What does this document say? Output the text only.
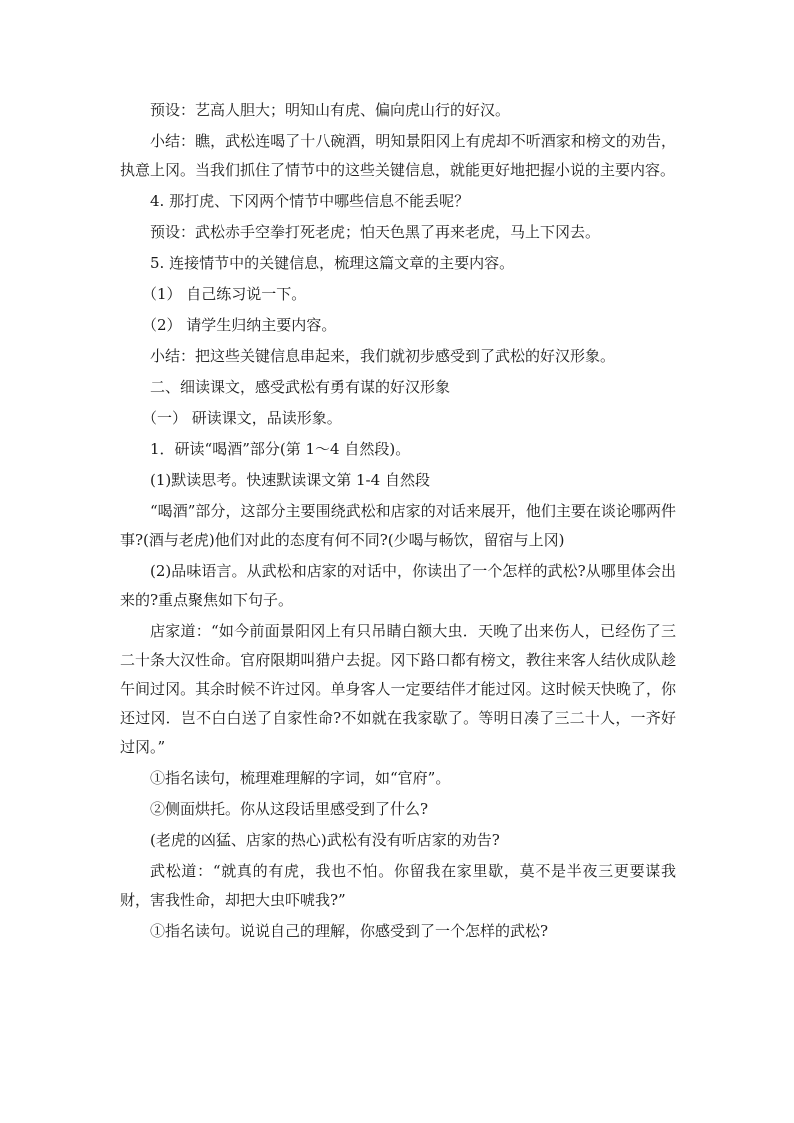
预设：艺高人胆大；明知山有虎、偏向虎山行的好汉。

小结：瞧，武松连喝了十八碗酒，明知景阳冈上有虎却不听酒家和榜文的劝告，执意上冈。当我们抓住了情节中的这些关键信息，就能更好地把握小说的主要内容。

4. 那打虎、下冈两个情节中哪些信息不能丢呢？

预设：武松赤手空拳打死老虎；怕天色黑了再来老虎，马上下冈去。

5. 连接情节中的关键信息，梳理这篇文章的主要内容。

（1） 自己练习说一下。

（2） 请学生归纳主要内容。

小结：把这些关键信息串起来，我们就初步感受到了武松的好汉形象。

二、细读课文，感受武松有勇有谋的好汉形象

（一） 研读课文，品读形象。

1．研读“喝酒”部分(第 1～4 自然段)。

(1)默读思考。快速默读课文第 1-4 自然段

“喝酒”部分，这部分主要围绕武松和店家的对话来展开，他们主要在谈论哪两件事?(酒与老虎)他们对此的态度有何不同?(少喝与畅饮，留宿与上冈)

(2)品味语言。从武松和店家的对话中，你读出了一个怎样的武松?从哪里体会出来的?重点聚焦如下句子。

店家道：“如今前面景阳冈上有只吊睛白额大虫．天晚了出来伤人，已经伤了三二十条大汉性命。官府限期叫猎户去捉。冈下路口都有榜文，教往来客人结伙成队趁午间过冈。其余时候不许过冈。单身客人一定要结伴才能过冈。这时候天快晚了，你还过冈．岂不白白送了自家性命?不如就在我家歇了。等明日凑了三二十人，一齐好过冈。”

①指名读句，梳理难理解的字词，如“官府”。

②侧面烘托。你从这段话里感受到了什么?

(老虎的凶猛、店家的热心)武松有没有听店家的劝告?

武松道：“就真的有虎，我也不怕。你留我在家里歇，莫不是半夜三更要谋我财，害我性命，却把大虫吓唬我?”

①指名读句。说说自己的理解，你感受到了一个怎样的武松?
